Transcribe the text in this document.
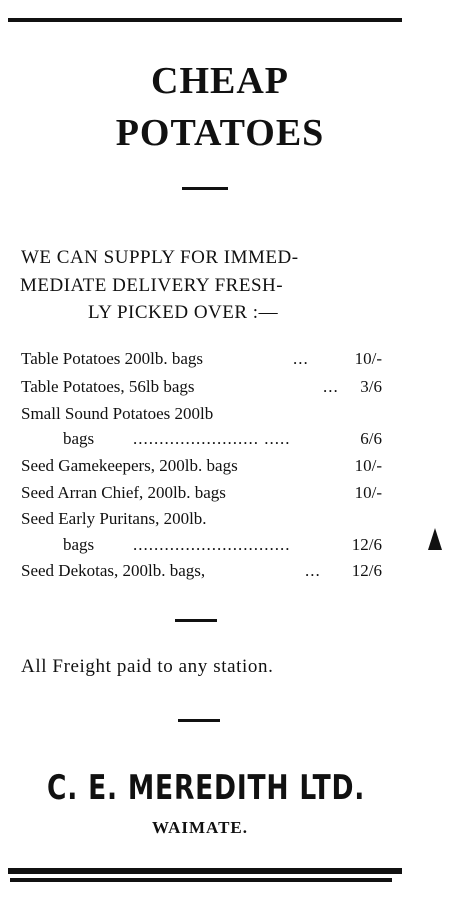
CHEAP
POTATOES
WE CAN SUPPLY FOR IMMED-
MEDIATE DELIVERY FRESH-
LY PICKED OVER :—
Table Potatoes 200lb. bags	...	10/-
Table Potatoes, 56lb bags	... 3/6
Small Sound Potatoes 200lb
bags ........................ .....	6/6
Seed Gamekeepers, 200lb. bags	10/-
Seed Arran Chief, 200lb. bags	10/-
Seed Early Puritans, 200lb.
bags ..............................	12/6
Seed Dekotas, 200lb. bags,	... 12/6
All Freight paid to any station.
C. E. MEREDITH LTD.
WAIMATE.
